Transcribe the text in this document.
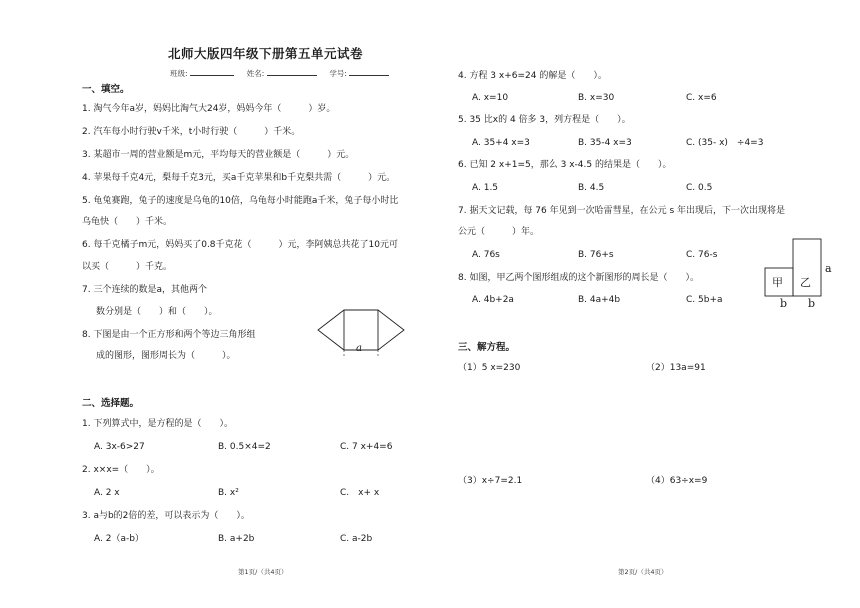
北师大版四年级下册第五单元试卷
班级:	姓名:	学号:
一、填空。
1. 淘气今年a岁，妈妈比淘气大24岁，妈妈今年（　　　）岁。
2. 汽车每小时行驶v千米，t小时行驶（　　　）千米。
3. 某超市一周的营业额是m元，平均每天的营业额是（　　　）元。
4. 苹果每千克4元，梨每千克3元，买a千克苹果和b千克梨共需（　　　）元。
5. 龟兔赛跑，兔子的速度是乌龟的10倍，乌龟每小时能跑a千米，兔子每小时比
乌龟快（　　）千米。
6. 每千克橘子m元，妈妈买了0.8千克花（　　　）元，李阿姨总共花了10元可
以买（　　　）千克。
7. 三个连续的数是a，其他两个
数分别是（　　）和（　　）。
8. 下图是由一个正方形和两个等边三角形组
成的图形，图形周长为（　　　）。
a
二、选择题。
1. 下列算式中，是方程的是（　　）。
A. 3x-6>27	B. 0.5×4=2	C. 7 x+4=6
2. x×x=（　　）。
A. 2 x	B. x²	C.　x+ x
3. a与b的2倍的差，可以表示为（　　）。
A. 2（a-b）	B. a+2b	C. a-2b
第1页/（共4页）
4. 方程 3 x+6=24 的解是（　　）。
A. x=10	B. x=30	C. x=6
5. 35 比x的 4 倍多 3，列方程是（　　）。
A. 35+4 x=3	B. 35-4 x=3	C. (35- x)　÷4=3
6. 已知 2 x+1=5，那么 3 x-4.5 的结果是（　　）。
A. 1.5	B. 4.5	C. 0.5
7. 据天文记载，每 76 年见到一次哈雷彗星，在公元 s 年出现后，下一次出现将是
公元（　　　）年。
A. 76s	B. 76+s	C. 76-s
8. 如图，甲乙两个图形组成的这个新图形的周长是（　　）。
A. 4b+2a	B. 4a+4b	C. 5b+a
甲 乙
a
b b
三、解方程。
（1）5 x=230	（2）13a=91
（3）x÷7=2.1	（4）63÷x=9
第2页/（共4页）
